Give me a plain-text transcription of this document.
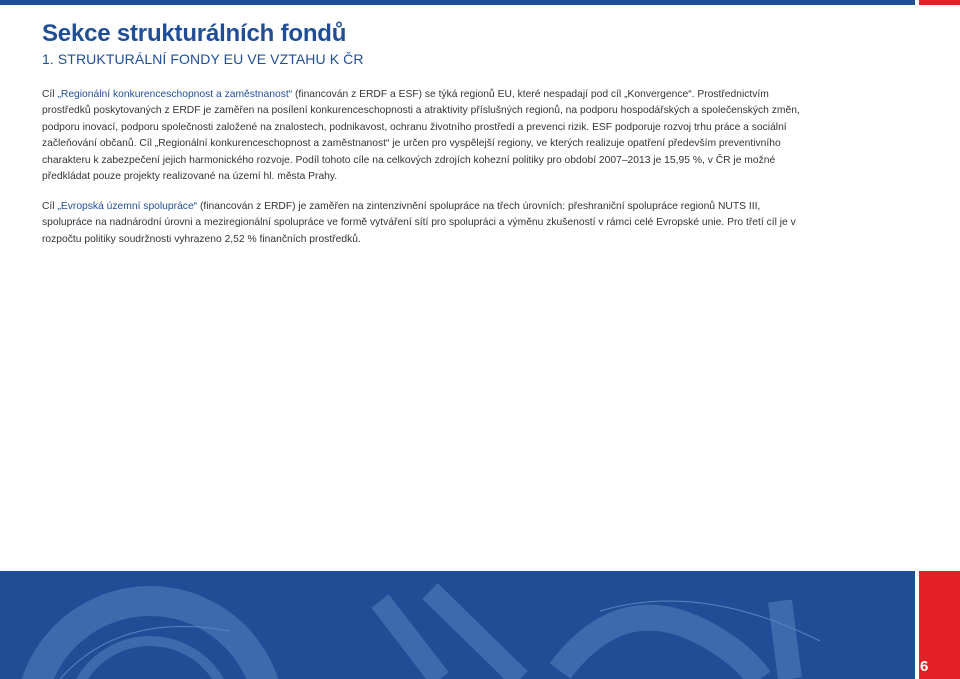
Sekce strukturálních fondů
1. STRUKTURÁLNÍ FONDY EU VE VZTAHU K ČR

Cíl „Regionální konkurenceschopnost a zaměstnanost“ (financován z ERDF a ESF) se týká regionů EU, které nespadají pod cíl „Konvergence“. Prostřednictvím prostředků poskytovaných z ERDF je zaměřen na posílení konkurenceschopnosti a atraktivity příslušných regionů, na podporu hospodářských a společenských změn, podporu inovací, podporu společnosti založené na znalostech, podnikavost, ochranu životního prostředí a prevenci rizik. ESF podporuje rozvoj trhu práce a sociální začleňování občanů. Cíl „Regionální konkurenceschopnost a zaměstnanost“ je určen pro vyspělejší regiony, ve kterých realizuje opatření především preventivního charakteru k zabezpečení jejich harmonického rozvoje. Podíl tohoto cíle na celkových zdrojích kohezní politiky pro období 2007–2013 je 15,95 %, v ČR je možné předkládat pouze projekty realizované na území hl. města Prahy.

Cíl „Evropská územní spolupráce“ (financován z ERDF) je zaměřen na zintenzivnění spolupráce na třech úrovních: přeshraniční spolupráce regionů NUTS III, spolupráce na nadnárodní úrovni a meziregionální spolupráce ve formě vytváření sítí pro spolupráci a výměnu zkušeností v rámci celé Evropské unie. Pro třetí cíl je v rozpočtu politiky soudržnosti vyhrazeno 2,52 % finančních prostředků.

6
